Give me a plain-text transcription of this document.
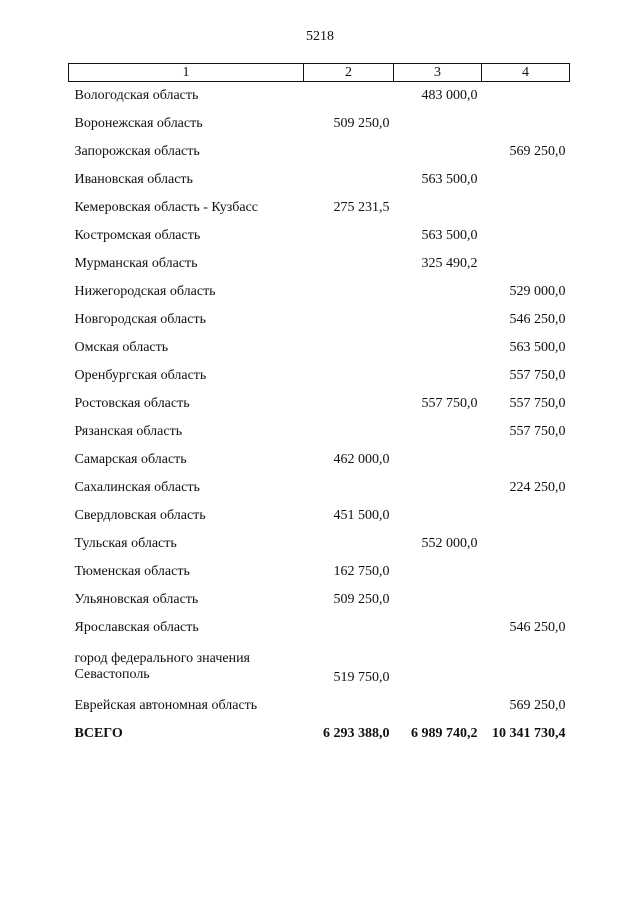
5218
1	2	3	4
Вологодская область		483 000,0	
Воронежская область	509 250,0		
Запорожская область			569 250,0
Ивановская область		563 500,0	
Кемеровская область - Кузбасс	275 231,5		
Костромская область		563 500,0	
Мурманская область		325 490,2	
Нижегородская область			529 000,0
Новгородская область			546 250,0
Омская область			563 500,0
Оренбургская область			557 750,0
Ростовская область		557 750,0	557 750,0
Рязанская область			557 750,0
Самарская область	462 000,0		
Сахалинская область			224 250,0
Свердловская область	451 500,0		
Тульская область		552 000,0	
Тюменская область	162 750,0		
Ульяновская область	509 250,0		
Ярославская область			546 250,0
город федерального значения Севастополь	519 750,0		
Еврейская автономная область			569 250,0
ВСЕГО	6 293 388,0	6 989 740,2	10 341 730,4
